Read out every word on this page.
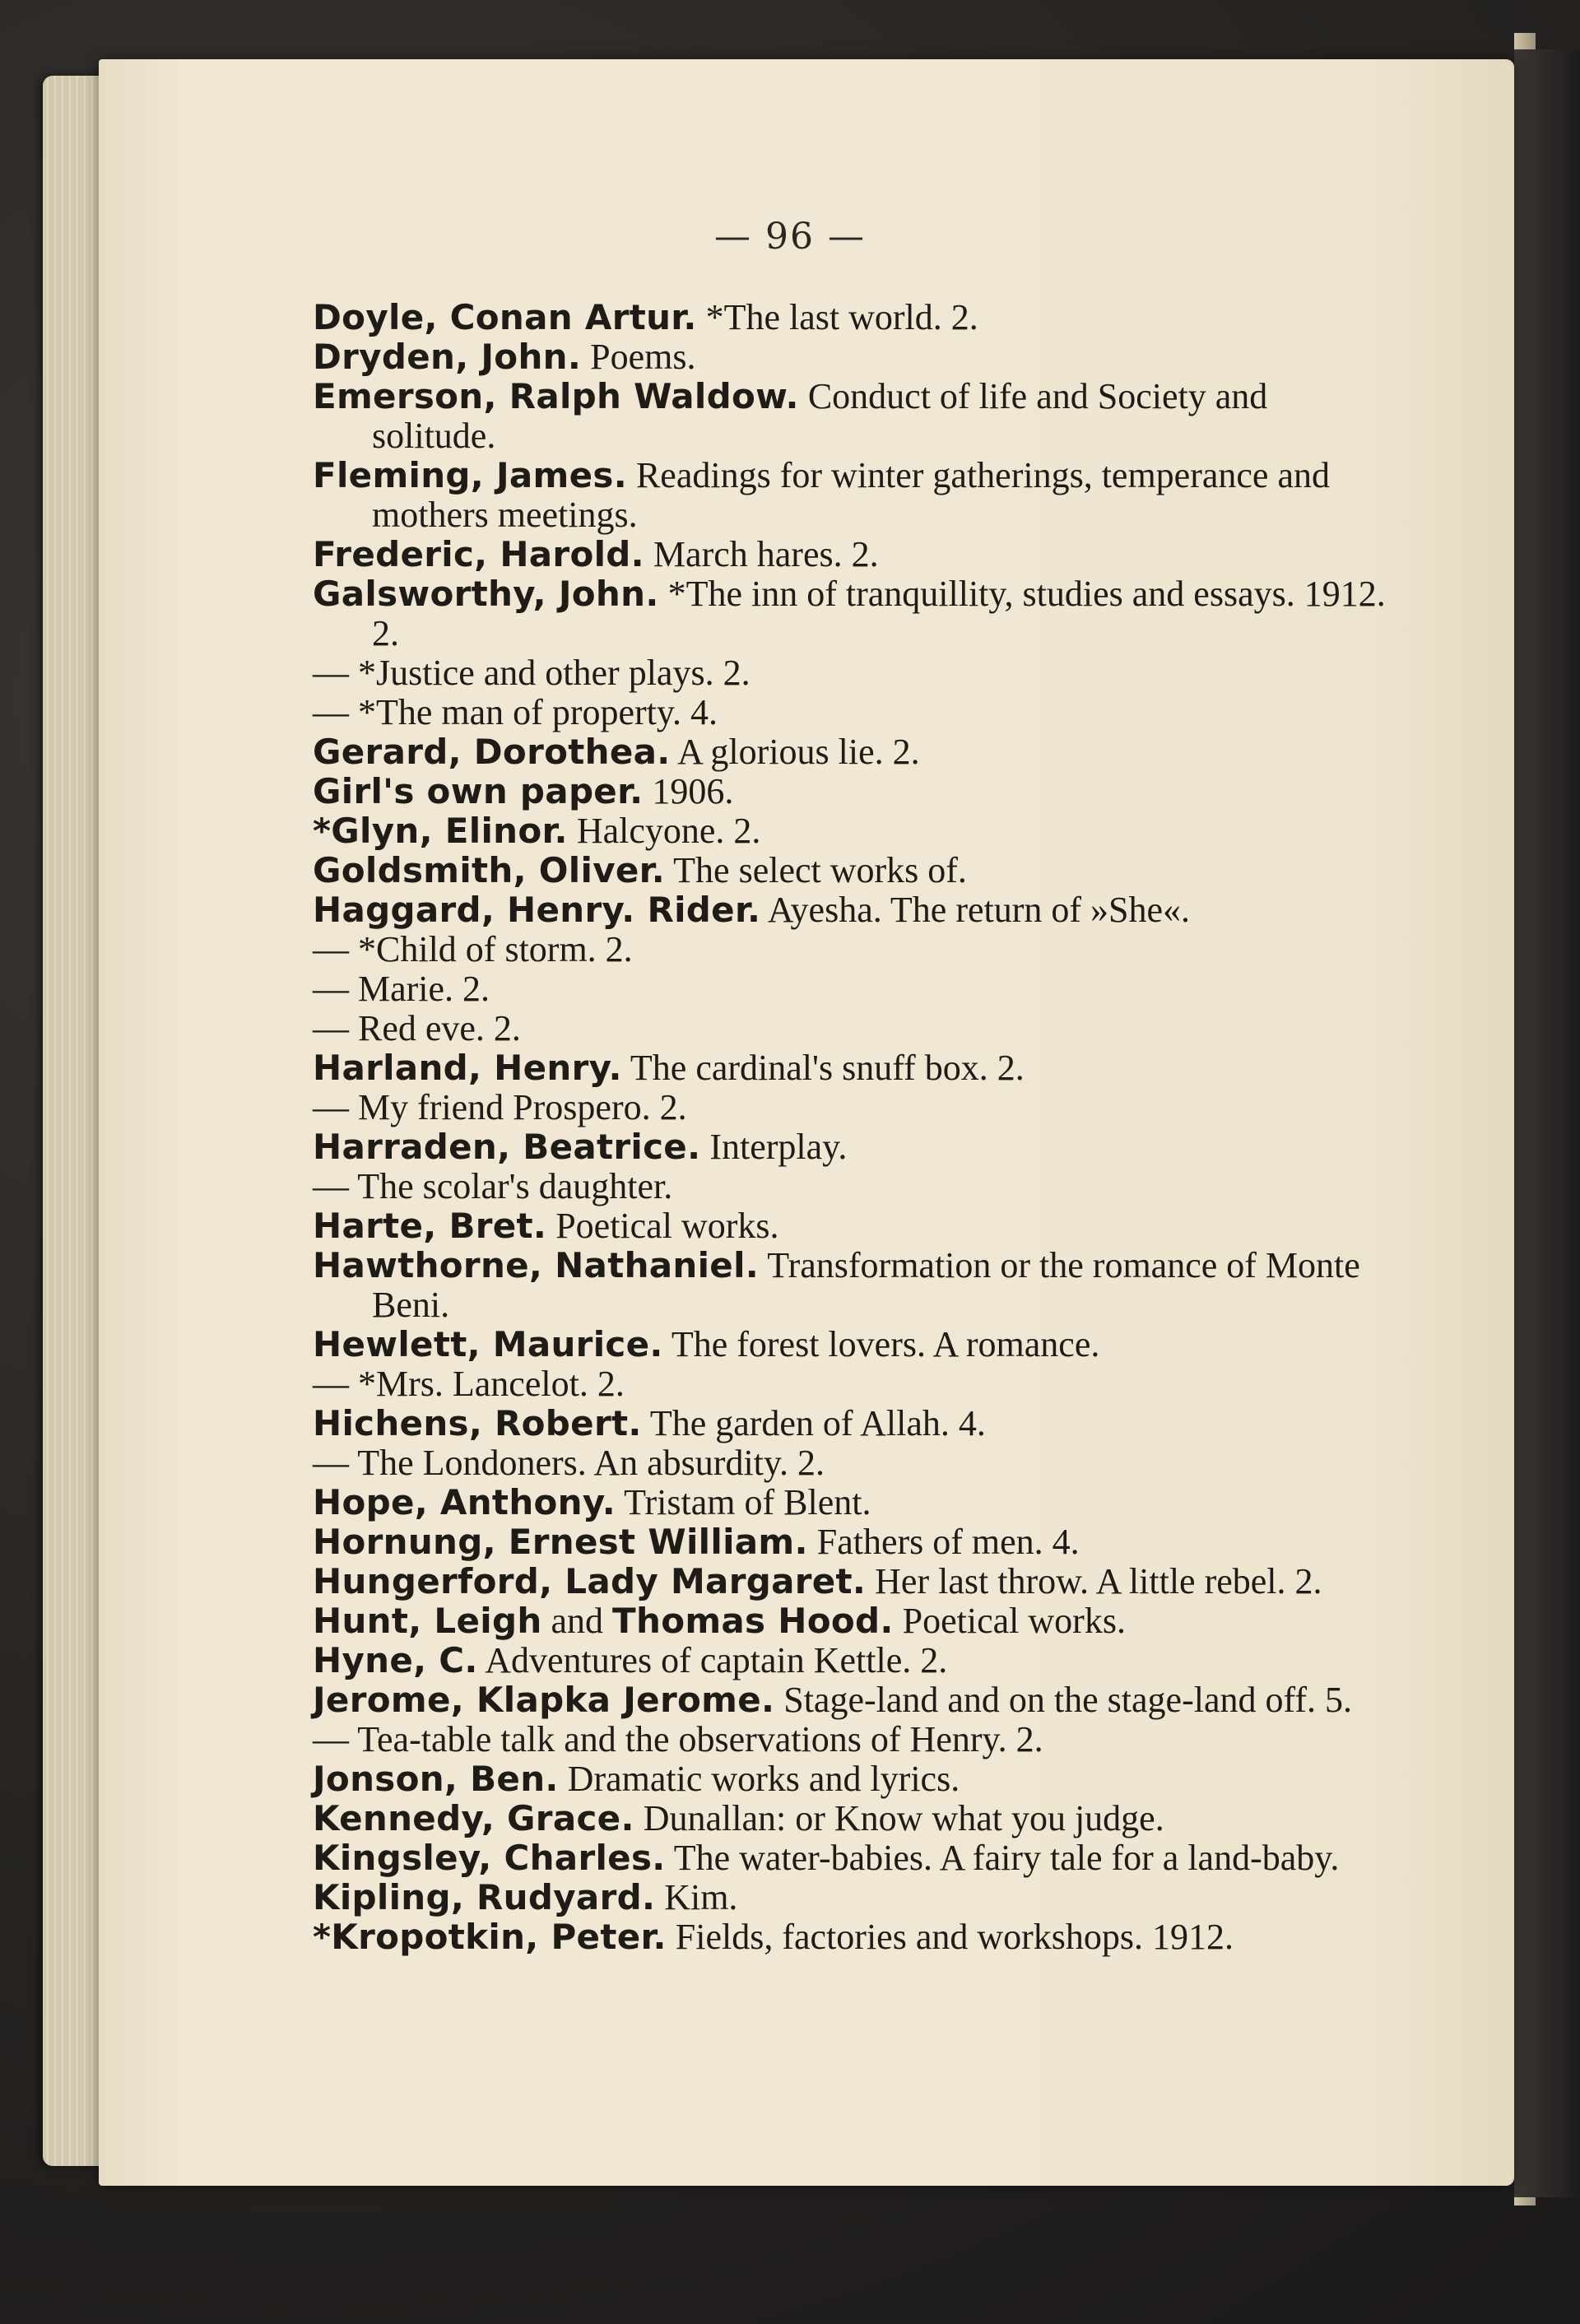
— 96 —

Doyle, Conan Artur. *The last world. 2.

Dryden, John. Poems.

Emerson, Ralph Waldow. Conduct of life and Society and solitude.

Fleming, James. Readings for winter gatherings, temperance and mothers meetings.

Frederic, Harold. March hares. 2.

Galsworthy, John. *The inn of tranquillity, studies and essays. 1912. 2.

— *Justice and other plays. 2.

— *The man of property. 4.

Gerard, Dorothea. A glorious lie. 2.

Girl's own paper. 1906.

*Glyn, Elinor. Halcyone. 2.

Goldsmith, Oliver. The select works of.

Haggard, Henry. Rider. Ayesha. The return of »She«.

— *Child of storm. 2.

— Marie. 2.

— Red eve. 2.

Harland, Henry. The cardinal's snuff box. 2.

— My friend Prospero. 2.

Harraden, Beatrice. Interplay.

— The scolar's daughter.

Harte, Bret. Poetical works.

Hawthorne, Nathaniel. Transformation or the romance of Monte Beni.

Hewlett, Maurice. The forest lovers. A romance.

— *Mrs. Lancelot. 2.

Hichens, Robert. The garden of Allah. 4.

— The Londoners. An absurdity. 2.

Hope, Anthony. Tristam of Blent.

Hornung, Ernest William. Fathers of men. 4.

Hungerford, Lady Margaret. Her last throw. A little rebel. 2.

Hunt, Leigh and Thomas Hood. Poetical works.

Hyne, C. Adventures of captain Kettle. 2.

Jerome, Klapka Jerome. Stage-land and on the stage-land off. 5.

— Tea-table talk and the observations of Henry. 2.

Jonson, Ben. Dramatic works and lyrics.

Kennedy, Grace. Dunallan: or Know what you judge.

Kingsley, Charles. The water-babies. A fairy tale for a land-baby.

Kipling, Rudyard. Kim.

*Kropotkin, Peter. Fields, factories and workshops. 1912.
